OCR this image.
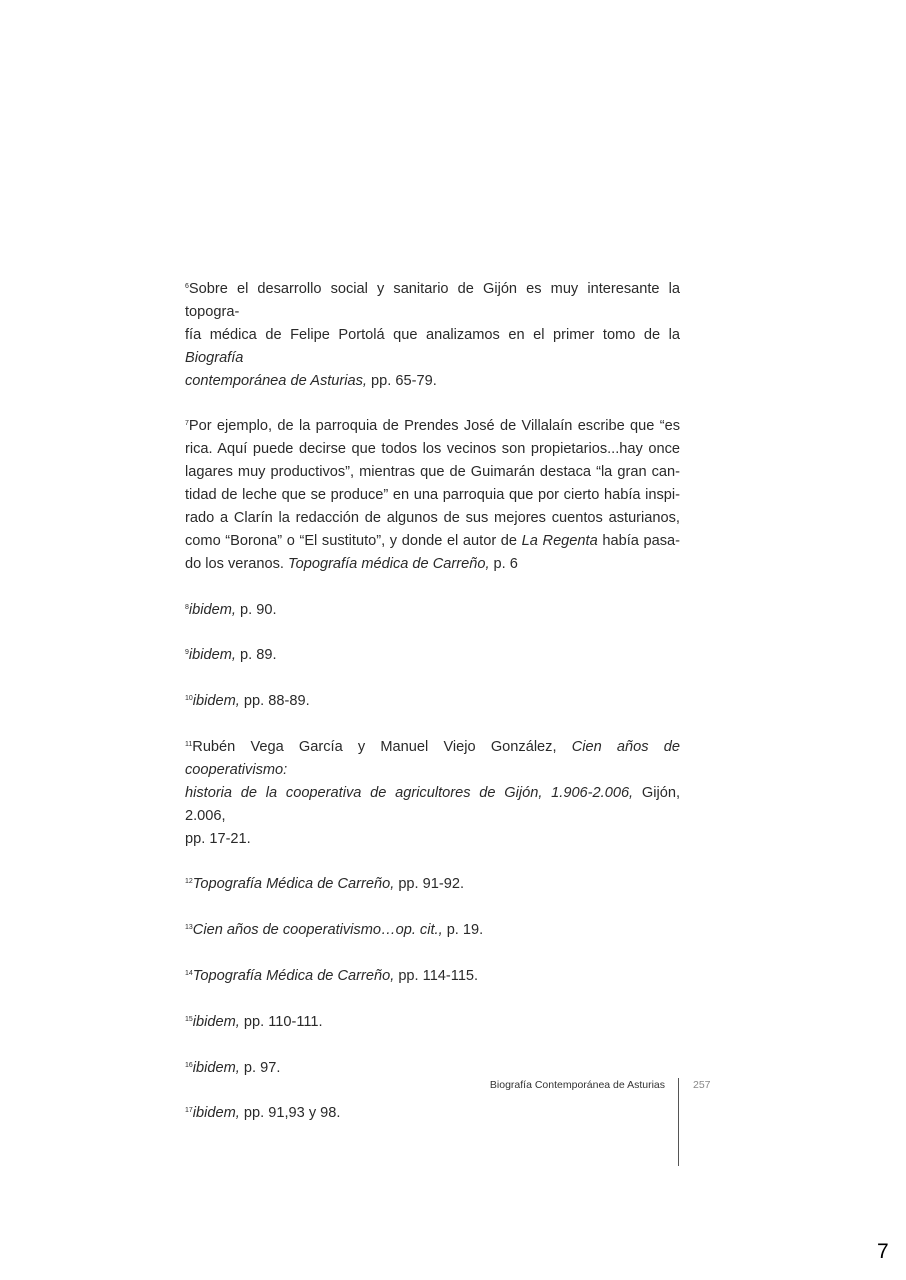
$^6$Sobre el desarrollo social y sanitario de Gijón es muy interesante la topogra-
fía médica de Felipe Portolá que analizamos en el primer tomo de la Biografía
contemporánea de Asturias, pp. 65-79.
$^7$Por ejemplo, de la parroquia de Prendes José de Villalaín escribe que “es
rica. Aquí puede decirse que todos los vecinos son propietarios...hay once
lagares muy productivos”, mientras que de Guimarán destaca “la gran can-
tidad de leche que se produce” en una parroquia que por cierto había inspi-
rado a Clarín la redacción de algunos de sus mejores cuentos asturianos,
como “Borona” o “El sustituto”, y donde el autor de La Regenta había pasa-
do los veranos. Topografía médica de Carreño, p. 6
$^8$ibidem, p. 90.
$^9$ibidem, p. 89.
$^{10}$ibidem, pp. 88-89.
$^{11}$Rubén Vega García y Manuel Viejo González, Cien años de cooperativismo:
historia de la cooperativa de agricultores de Gijón, 1.906-2.006, Gijón, 2.006,
pp. 17-21.
$^{12}$Topografía Médica de Carreño, pp. 91-92.
$^{13}$Cien años de cooperativismo…op. cit., p. 19.
$^{14}$Topografía Médica de Carreño, pp. 114-115.
$^{15}$ibidem, pp. 110-111.
$^{16}$ibidem, p. 97.
$^{17}$ibidem, pp. 91,93 y 98.
Biografía Contemporánea de Asturias	257
7
